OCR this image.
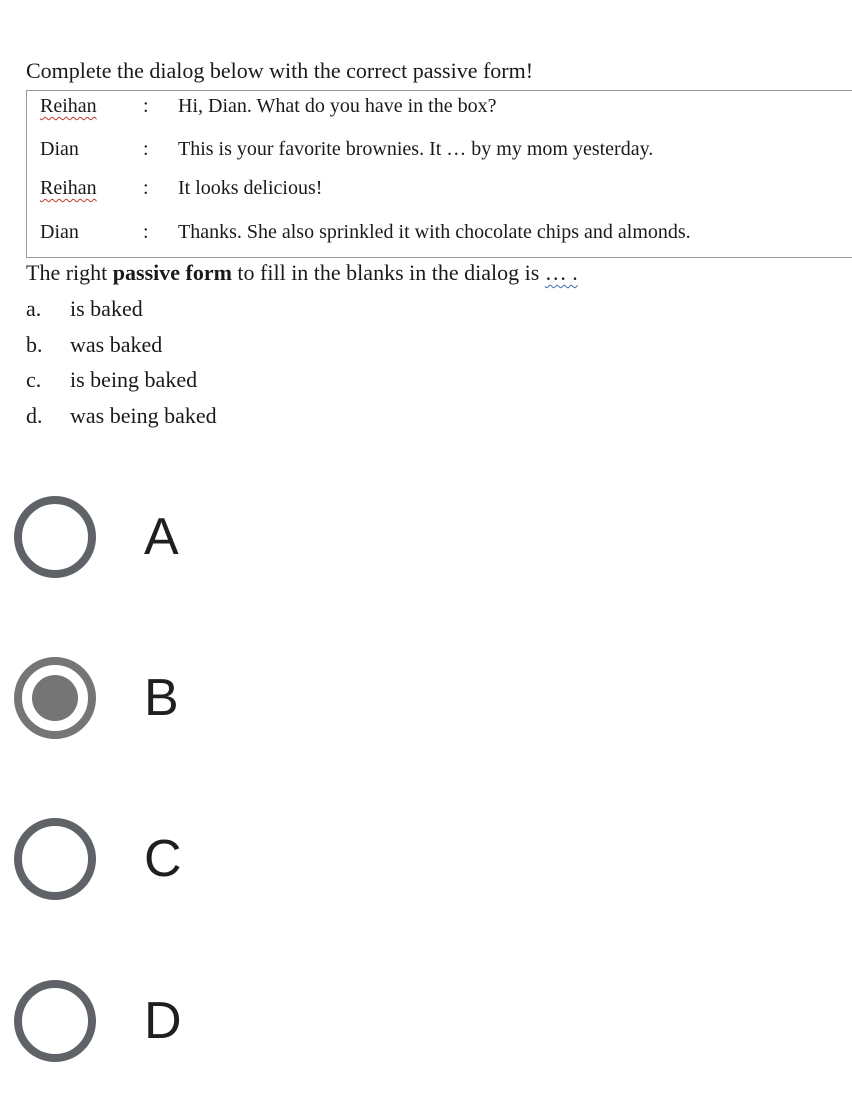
Complete the dialog below with the correct passive form!
Reihan : Hi, Dian. What do you have in the box?
Dian	: This is your favorite brownies. It … by my mom yesterday.
Reihan : It looks delicious!
Dian	: Thanks. She also sprinkled it with chocolate chips and almonds.
The right passive form to fill in the blanks in the dialog is … .
a. is baked
b. was baked
c. is being baked
d. was being baked
A
B
C
D
